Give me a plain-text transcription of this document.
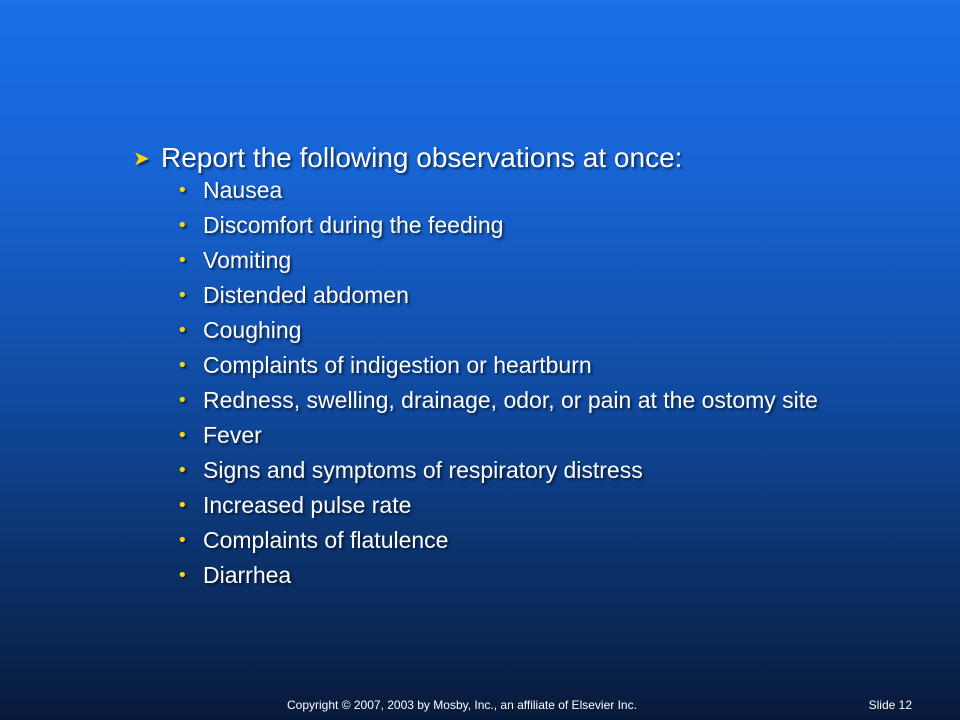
➤ Report the following observations at once:
• Nausea
• Discomfort during the feeding
• Vomiting
• Distended abdomen
• Coughing
• Complaints of indigestion or heartburn
• Redness, swelling, drainage, odor, or pain at the ostomy site
• Fever
• Signs and symptoms of respiratory distress
• Increased pulse rate
• Complaints of flatulence
• Diarrhea
Copyright © 2007, 2003 by Mosby, Inc., an affiliate of Elsevier Inc.	Slide 12
